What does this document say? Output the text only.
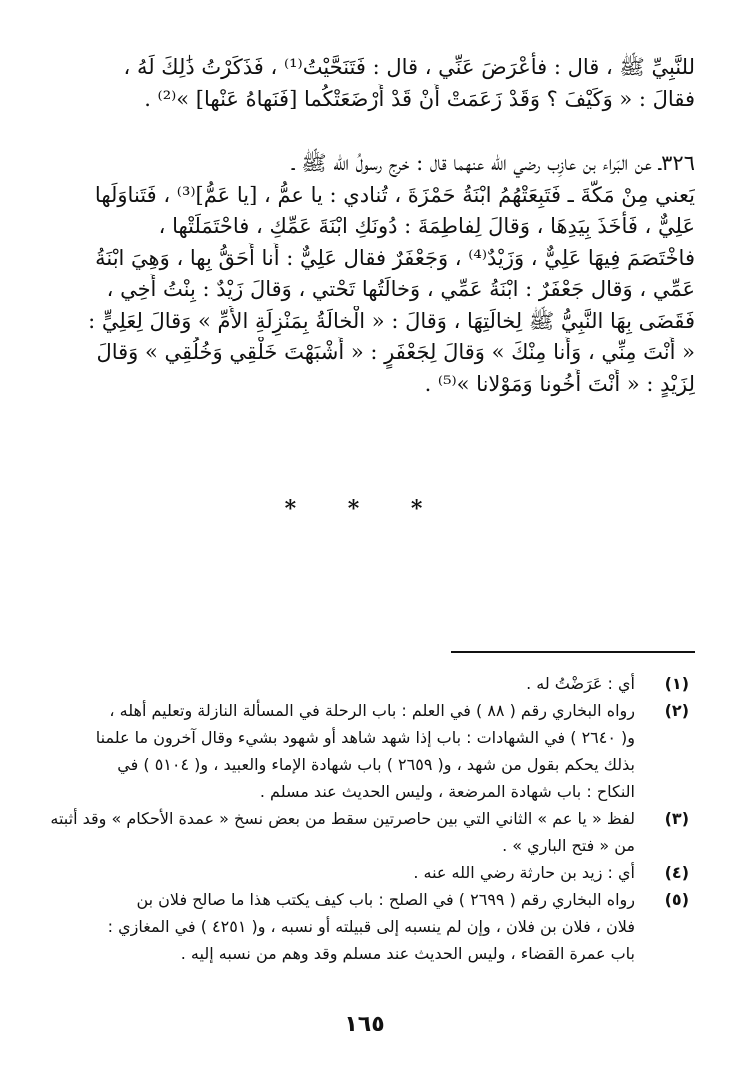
للنَّبِيِّ ﷺ ، قال : فأَعْرَضَ عَنِّي ، قال : فَتَنَحَّيْتُ⁽¹⁾ ، فَذَكَرْتُ ذَٰلِكَ لَهُ ،
فقالَ : « وَكَيْفَ ؟ وَقَدْ زَعَمَتْ أَنْ قَدْ أَرْضَعَتْكُما [فَنَهاهُ عَنْها] »⁽²⁾ .
٣٢٦ـ عن البَراء بن عازِب رضي الله عنهما قال : خرج رسولُ الله ﷺ ـ
يَعني مِنْ مَكَّةَ ـ فَتَبِعَتْهُمُ ابْنَةُ حَمْزَةَ ، تُنادي : يا عمُّ ، [يا عَمُّ]⁽³⁾ ، فَتَناوَلَها
عَلِيٌّ ، فَأَخَذَ بِيَدِهَا ، وَقالَ لِفاطِمَةَ : دُونَكِ ابْنَةَ عَمِّكِ ، فاحْتَمَلَتْها ،
فاخْتَصَمَ فِيهَا عَلِيٌّ ، وَزَيْدٌ⁽⁴⁾ ، وَجَعْفَرٌ فقال عَلِيٌّ : أَنا أَحَقُّ بِها ، وَهِيَ ابْنَةُ
عَمِّي ، وَقال جَعْفَرٌ : ابْنَةُ عَمِّي ، وَخالَتُها تَحْتي ، وَقالَ زَيْدٌ : بِنْتُ أَخِي ،
فَقَضَى بِهَا النَّبِيُّ ﷺ لِخالَتِهَا ، وَقالَ : « الْخالَةُ بِمَنْزِلَةِ الأُمِّ » وَقالَ لِعَلِيٍّ :
« أَنْتَ مِنِّي ، وَأَنا مِنْكَ » وَقالَ لِجَعْفَرٍ : « أَشْبَهْتَ خَلْقِي وَخُلُقِي » وَقالَ
لِزَيْدٍ : « أَنْتَ أَخُونا وَمَوْلانا »⁽⁵⁾ .
* * *
(١)
أي : عَرَضْتُ له .
(٢)
رواه البخاري رقم ( ٨٨ ) في العلم : باب الرحلة في المسألة النازلة وتعليم أهله ،
و( ٢٦٤٠ ) في الشهادات : باب إذا شهد شاهد أو شهود بشيء وقال آخرون ما علمنا
بذلك يحكم بقول من شهد ، و( ٢٦٥٩ ) باب شهادة الإماء والعبيد ، و( ٥١٠٤ ) في
النكاح : باب شهادة المرضعة ، وليس الحديث عند مسلم .
(٣)
لفظ « يا عم » الثاني التي بين حاصرتين سقط من بعض نسخ « عمدة الأحكام » وقد أثبته
من « فتح الباري » .
(٤)
أي : زيد بن حارثة رضي الله عنه .
(٥)
رواه البخاري رقم ( ٢٦٩٩ ) في الصلح : باب كيف يكتب هذا ما صالح فلان بن
فلان ، فلان بن فلان ، وإن لم ينسبه إلى قبيلته أو نسبه ، و( ٤٢٥١ ) في المغازي :
باب عمرة القضاء ، وليس الحديث عند مسلم وقد وهم من نسبه إليه .
١٦٥
